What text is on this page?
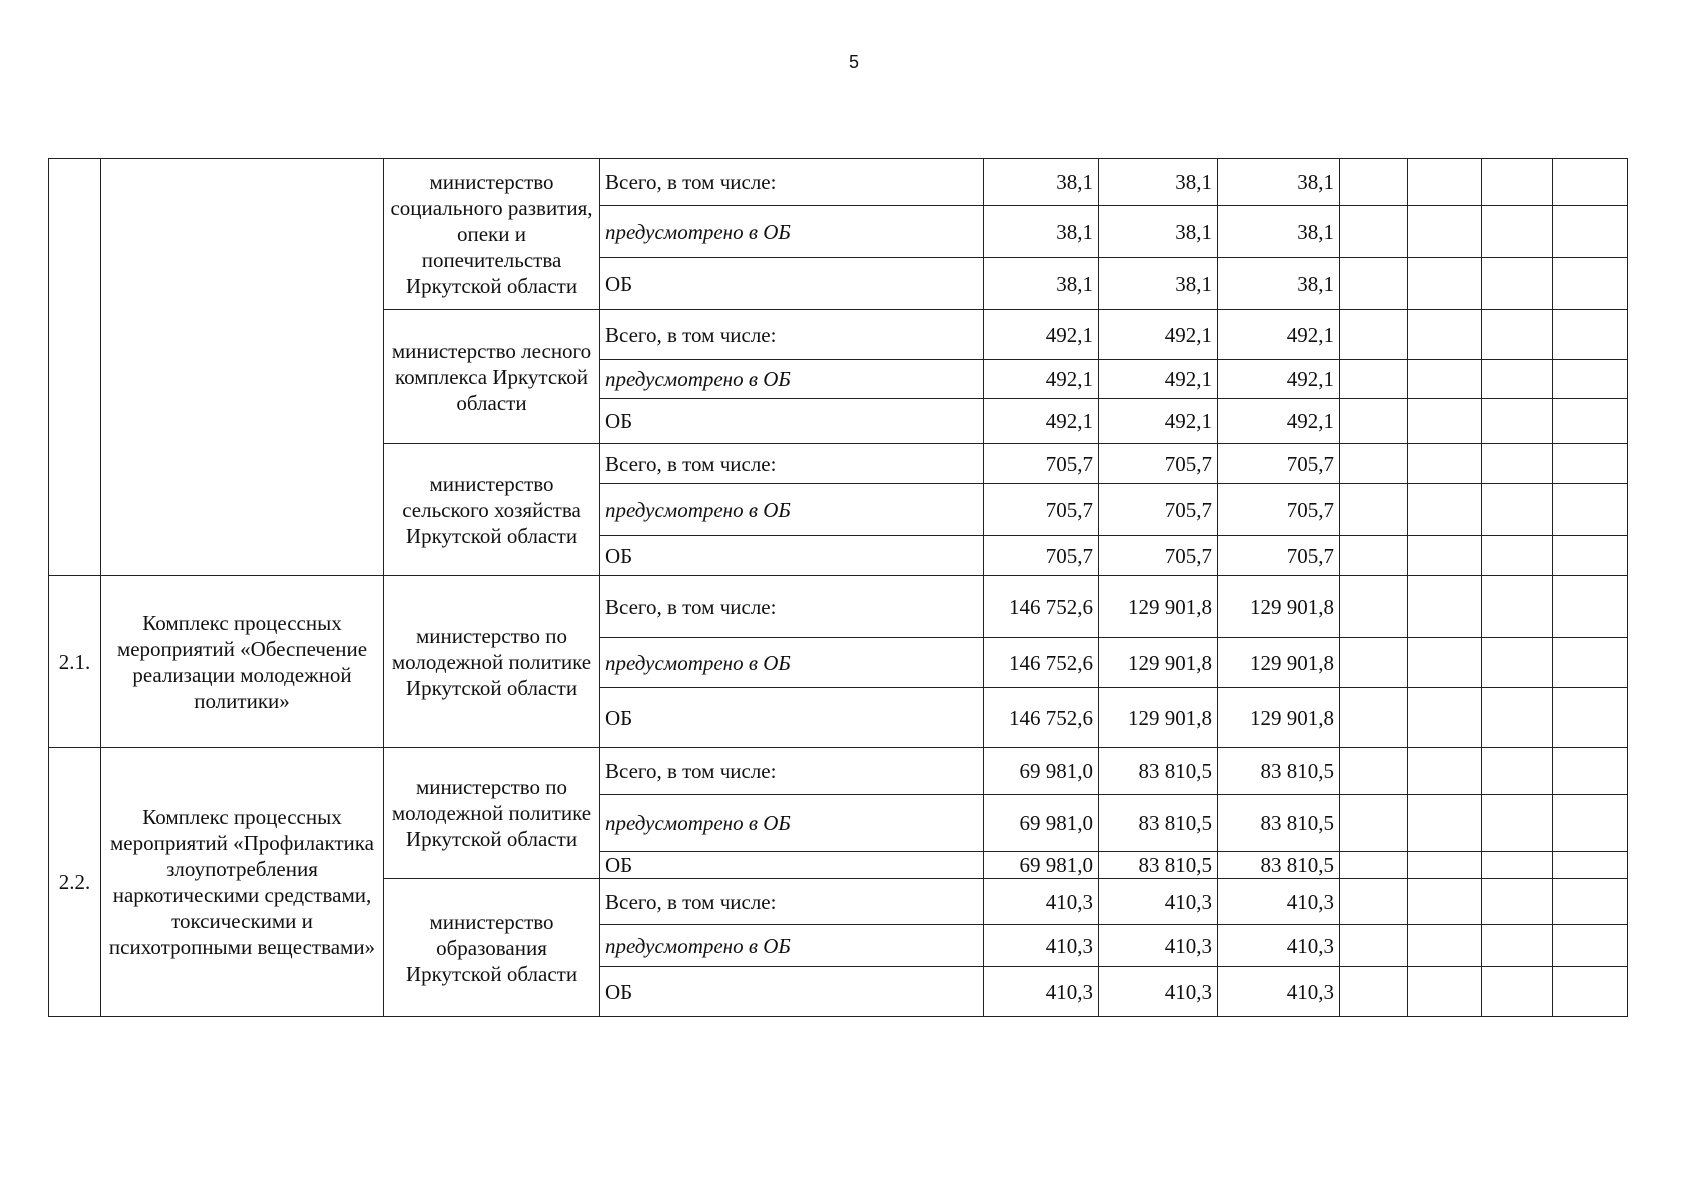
5
		министерство социального развития, опеки и попечительства Иркутской области	Всего, в том числе:	38,1	38,1	38,1				
			предусмотрено в ОБ	38,1	38,1	38,1				
			ОБ	38,1	38,1	38,1				
		министерство лесного комплекса Иркутской области	Всего, в том числе:	492,1	492,1	492,1				
			предусмотрено в ОБ	492,1	492,1	492,1				
			ОБ	492,1	492,1	492,1				
		министерство сельского хозяйства Иркутской области	Всего, в том числе:	705,7	705,7	705,7				
			предусмотрено в ОБ	705,7	705,7	705,7				
			ОБ	705,7	705,7	705,7				
2.1.	Комплекс процессных мероприятий «Обеспечение реализации молодежной политики»	министерство по молодежной политике Иркутской области	Всего, в том числе:	146 752,6	129 901,8	129 901,8				
			предусмотрено в ОБ	146 752,6	129 901,8	129 901,8				
			ОБ	146 752,6	129 901,8	129 901,8				
2.2.	Комплекс процессных мероприятий «Профилактика злоупотребления наркотическими средствами, токсическими и психотропными веществами»	министерство по молодежной политике Иркутской области	Всего, в том числе:	69 981,0	83 810,5	83 810,5				
			предусмотрено в ОБ	69 981,0	83 810,5	83 810,5				
			ОБ	69 981,0	83 810,5	83 810,5				
		министерство образования Иркутской области	Всего, в том числе:	410,3	410,3	410,3				
			предусмотрено в ОБ	410,3	410,3	410,3				
			ОБ	410,3	410,3	410,3				
